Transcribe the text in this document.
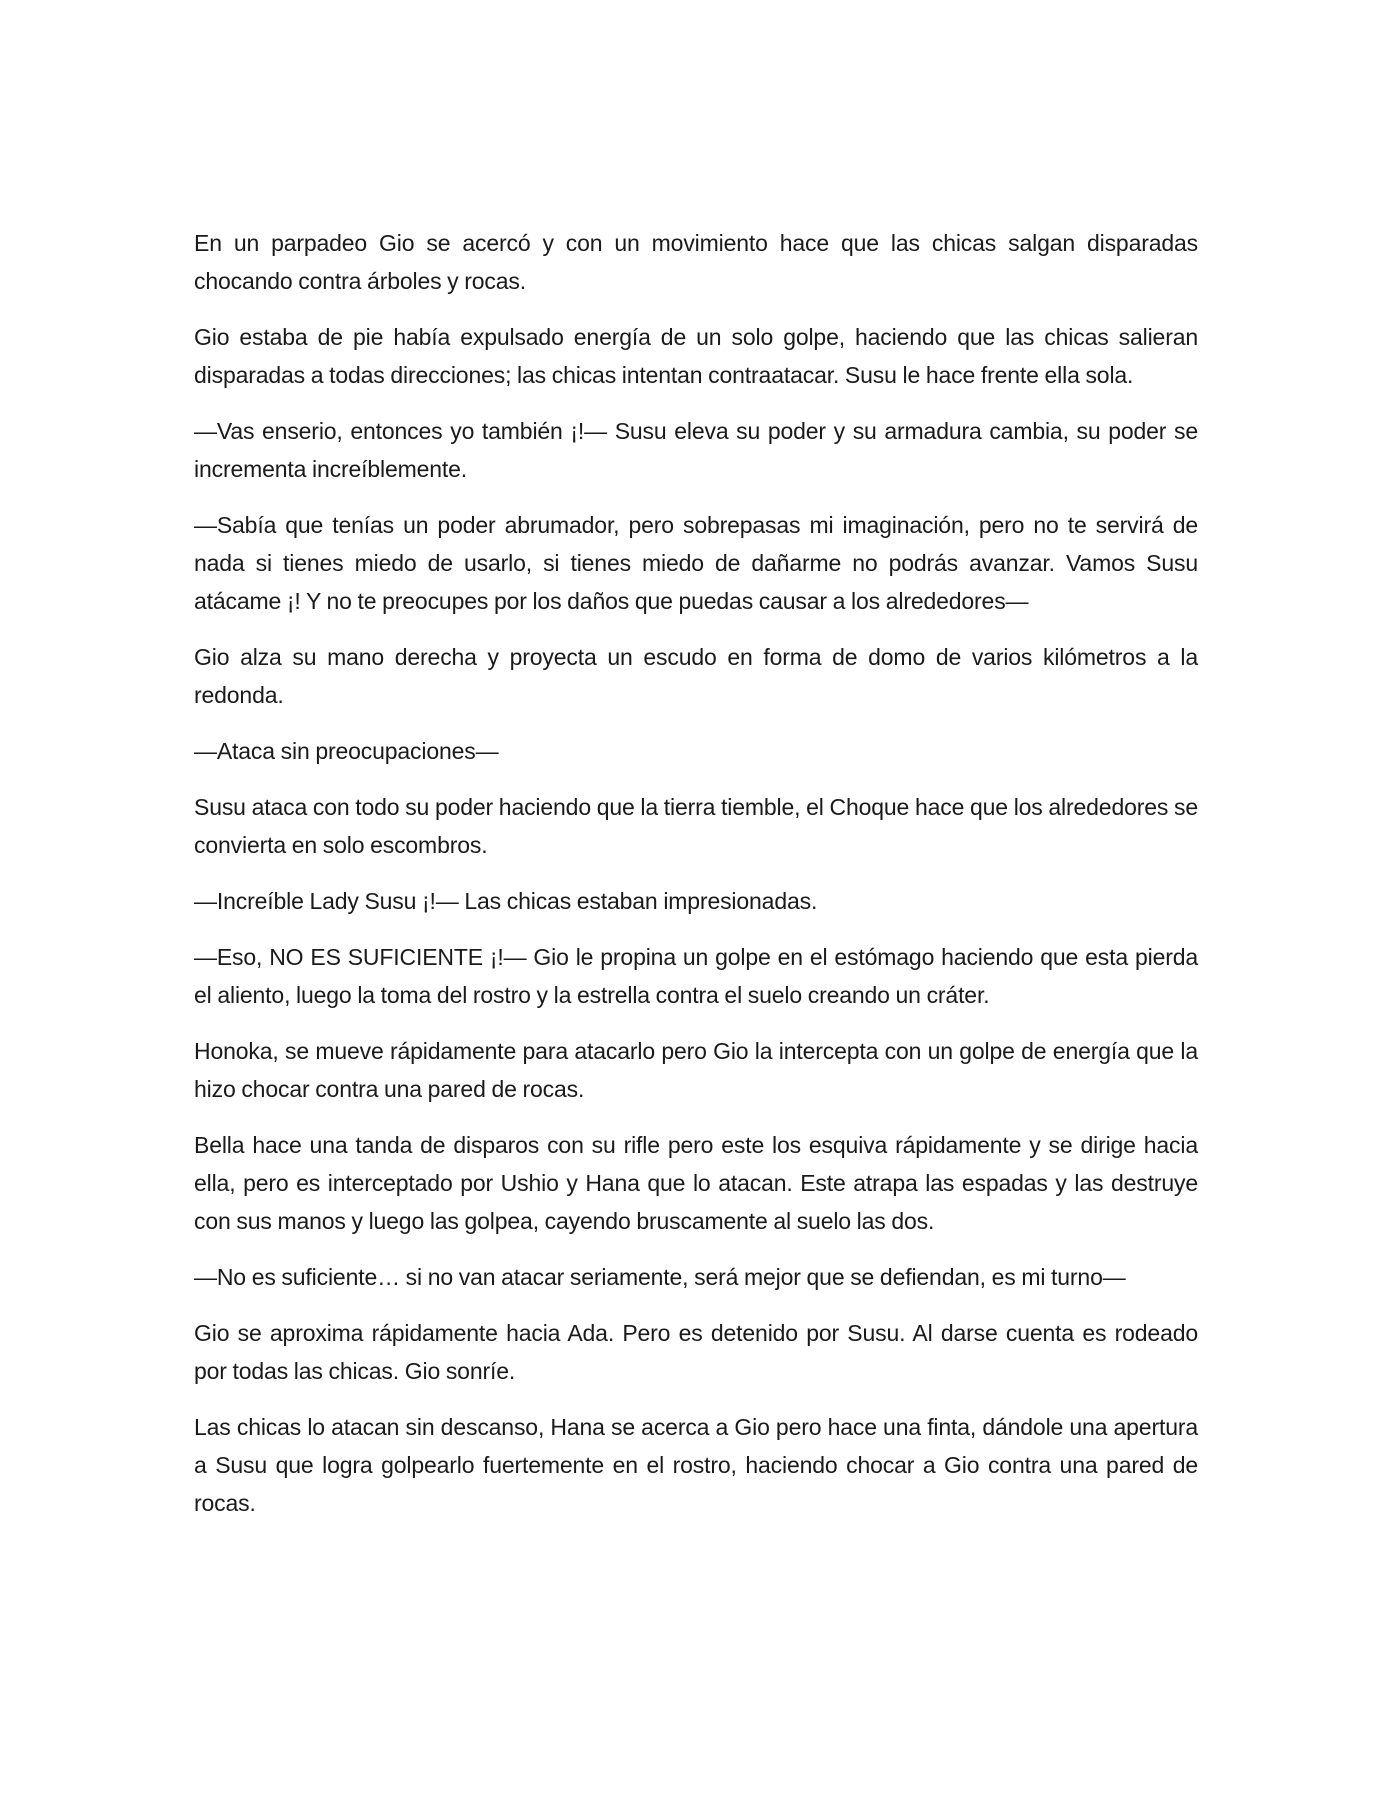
En un parpadeo Gio se acercó y con un movimiento hace que las chicas salgan disparadas chocando contra árboles y rocas.

Gio estaba de pie había expulsado energía de un solo golpe, haciendo que las chicas salieran disparadas a todas direcciones; las chicas intentan contraatacar. Susu le hace frente ella sola.

—Vas enserio, entonces yo también ¡!— Susu eleva su poder y su armadura cambia, su poder se incrementa increíblemente.

—Sabía que tenías un poder abrumador, pero sobrepasas mi imaginación, pero no te servirá de nada si tienes miedo de usarlo, si tienes miedo de dañarme no podrás avanzar. Vamos Susu atácame ¡! Y no te preocupes por los daños que puedas causar a los alrededores—

Gio alza su mano derecha y proyecta un escudo en forma de domo de varios kilómetros a la redonda.

—Ataca sin preocupaciones—

Susu ataca con todo su poder haciendo que la tierra tiemble, el Choque hace que los alrededores se convierta en solo escombros.

—Increíble Lady Susu ¡!— Las chicas estaban impresionadas.

—Eso, NO ES SUFICIENTE ¡!— Gio le propina un golpe en el estómago haciendo que esta pierda el aliento, luego la toma del rostro y la estrella contra el suelo creando un cráter.

Honoka, se mueve rápidamente para atacarlo pero Gio la intercepta con un golpe de energía que la hizo chocar contra una pared de rocas.

Bella hace una tanda de disparos con su rifle pero este los esquiva rápidamente y se dirige hacia ella, pero es interceptado por Ushio y Hana que lo atacan. Este atrapa las espadas y las destruye con sus manos y luego las golpea, cayendo bruscamente al suelo las dos.

—No es suficiente… si no van atacar seriamente, será mejor que se defiendan, es mi turno—

Gio se aproxima rápidamente hacia Ada. Pero es detenido por Susu. Al darse cuenta es rodeado por todas las chicas. Gio sonríe.

Las chicas lo atacan sin descanso, Hana se acerca a Gio pero hace una finta, dándole una apertura a Susu que logra golpearlo fuertemente en el rostro, haciendo chocar a Gio contra una pared de rocas.
